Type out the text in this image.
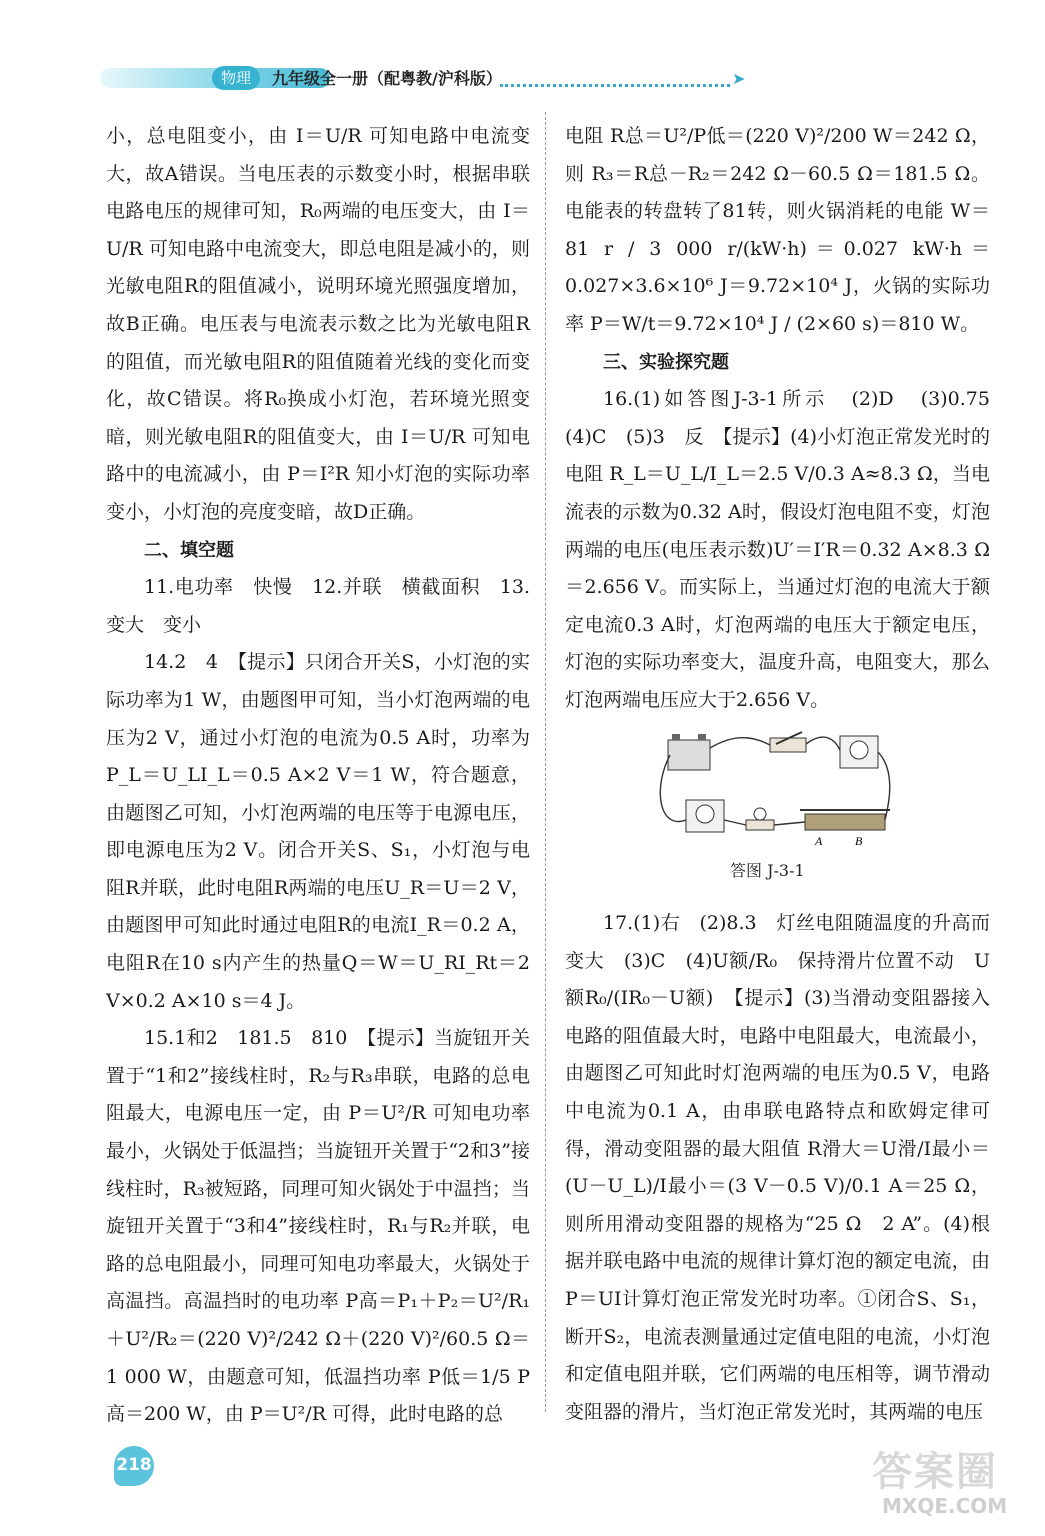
物理	九年级全一册（配粤教/沪科版）	➤

小，总电阻变小，由 I＝U/R 可知电路中电流变大，故A错误。当电压表的示数变小时，根据串联电路电压的规律可知，R₀两端的电压变大，由 I＝U/R 可知电路中电流变大，即总电阻是减小的，则光敏电阻R的阻值减小，说明环境光照强度增加，故B正确。电压表与电流表示数之比为光敏电阻R的阻值，而光敏电阻R的阻值随着光线的变化而变化，故C错误。将R₀换成小灯泡，若环境光照变暗，则光敏电阻R的阻值变大，由 I＝U/R 可知电路中的电流减小，由 P＝I²R 知小灯泡的实际功率变小，小灯泡的亮度变暗，故D正确。

二、填空题

11.电功率　快慢　12.并联　横截面积　13.变大　变小

14.2　4　【提示】只闭合开关S，小灯泡的实际功率为1 W，由题图甲可知，当小灯泡两端的电压为2 V，通过小灯泡的电流为0.5 A时，功率为P_L＝U_LI_L＝0.5 A×2 V＝1 W，符合题意，由题图乙可知，小灯泡两端的电压等于电源电压，即电源电压为2 V。闭合开关S、S₁，小灯泡与电阻R并联，此时电阻R两端的电压U_R＝U＝2 V，由题图甲可知此时通过电阻R的电流I_R＝0.2 A，电阻R在10 s内产生的热量Q＝W＝U_RI_Rt＝2 V×0.2 A×10 s＝4 J。

15.1和2　181.5　810　【提示】当旋钮开关置于“1和2”接线柱时，R₂与R₃串联，电路的总电阻最大，电源电压一定，由 P＝U²/R 可知电功率最小，火锅处于低温挡；当旋钮开关置于“2和3”接线柱时，R₃被短路，同理可知火锅处于中温挡；当旋钮开关置于“3和4”接线柱时，R₁与R₂并联，电路的总电阻最小，同理可知电功率最大，火锅处于高温挡。高温挡时的电功率 P高＝P₁＋P₂＝U²/R₁＋U²/R₂＝(220 V)²/242 Ω＋(220 V)²/60.5 Ω＝1 000 W，由题意可知，低温挡功率 P低＝1/5 P高＝200 W，由 P＝U²/R 可得，此时电路的总

电阻 R总＝U²/P低＝(220 V)²/200 W＝242 Ω，则 R₃＝R总－R₂＝242 Ω－60.5 Ω＝181.5 Ω。电能表的转盘转了81转，则火锅消耗的电能 W＝81 r / 3 000 r/(kW·h)＝0.027 kW·h＝0.027×3.6×10⁶ J＝9.72×10⁴ J，火锅的实际功率 P＝W/t＝9.72×10⁴ J / (2×60 s)＝810 W。

三、实验探究题

16.(1)如答图J-3-1所示　(2)D　(3)0.75　(4)C　(5)3　反　【提示】(4)小灯泡正常发光时的电阻 R_L＝U_L/I_L＝2.5 V/0.3 A≈8.3 Ω，当电流表的示数为0.32 A时，假设灯泡电阻不变，灯泡两端的电压(电压表示数)U′＝I′R＝0.32 A×8.3 Ω＝2.656 V。而实际上，当通过灯泡的电流大于额定电流0.3 A时，灯泡两端的电压大于额定电压，灯泡的实际功率变大，温度升高，电阻变大，那么灯泡两端电压应大于2.656 V。

A	B
答图 J-3-1

17.(1)右　(2)8.3　灯丝电阻随温度的升高而变大　(3)C　(4)U额/R₀　保持滑片位置不动　U额R₀/(IR₀－U额)　【提示】(3)当滑动变阻器接入电路的阻值最大时，电路中电阻最大，电流最小，由题图乙可知此时灯泡两端的电压为0.5 V，电路中电流为0.1 A，由串联电路特点和欧姆定律可得，滑动变阻器的最大阻值 R滑大＝U滑/I最小＝(U－U_L)/I最小＝(3 V－0.5 V)/0.1 A＝25 Ω，则所用滑动变阻器的规格为“25 Ω　2 A”。(4)根据并联电路中电流的规律计算灯泡的额定电流，由P＝UI计算灯泡正常发光时功率。①闭合S、S₁，断开S₂，电流表测量通过定值电阻的电流，小灯泡和定值电阻并联，它们两端的电压相等，调节滑动变阻器的滑片，当灯泡正常发光时，其两端的电压

218	答案圈
MXQE.COM
